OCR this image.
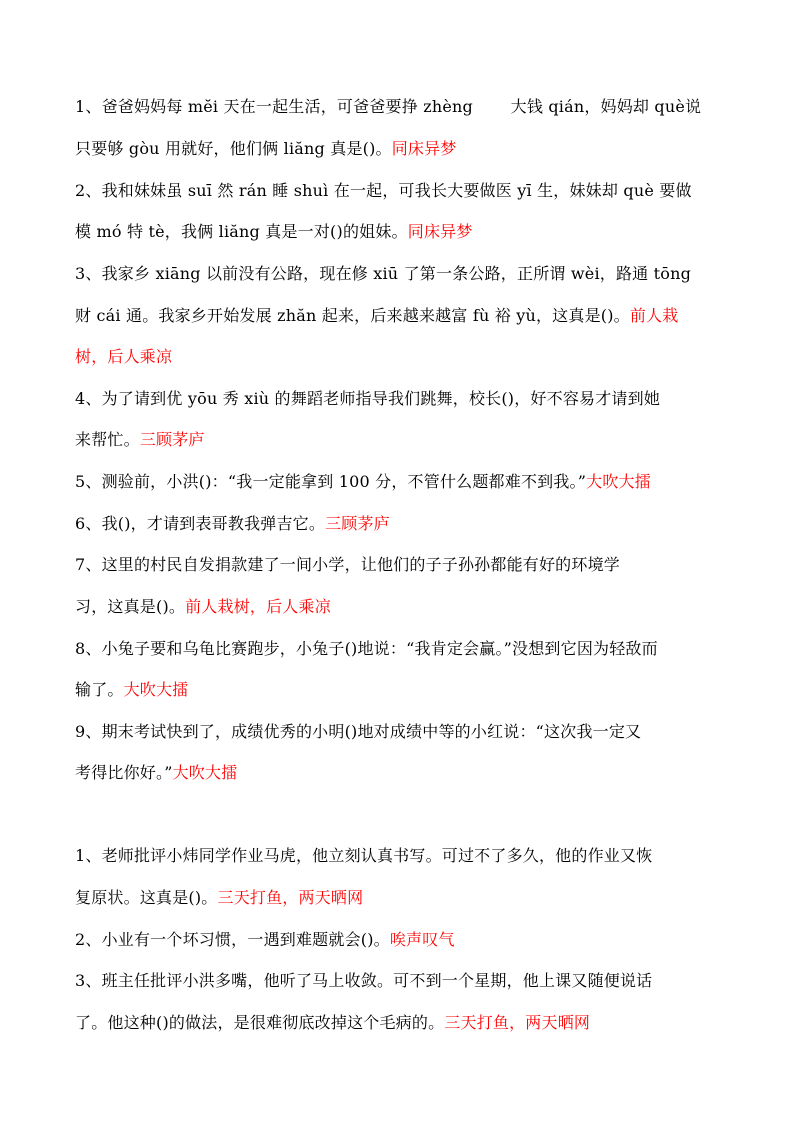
1、爸爸妈妈每 mĕi 天在一起生活，可爸爸要挣 zhèng 　　大钱 qián，妈妈却 què说
只要够 gòu 用就好，他们俩 liăng 真是()。同床异梦
2、我和妹妹虽 suī 然 rán 睡 shuì 在一起，可我长大要做医 yī 生，妹妹却 què 要做
模 mó 特 tè，我俩 liăng 真是一对()的姐妹。同床异梦
3、我家乡 xiāng 以前没有公路，现在修 xiū 了第一条公路，正所谓 wèi，路通 tōng
财 cái 通。我家乡开始发展 zhăn 起来，后来越来越富 fù 裕 yù，这真是()。前人栽
树，后人乘凉
4、为了请到优 yōu 秀 xiù 的舞蹈老师指导我们跳舞，校长()，好不容易才请到她
来帮忙。三顾茅庐
5、测验前，小洪()：“我一定能拿到 100 分，不管什么题都难不到我。”大吹大擂
6、我()，才请到表哥教我弹吉它。三顾茅庐
7、这里的村民自发捐款建了一间小学，让他们的子子孙孙都能有好的环境学
习，这真是()。前人栽树，后人乘凉
8、小兔子要和乌龟比赛跑步，小兔子()地说：“我肯定会赢。”没想到它因为轻敌而
输了。大吹大擂
9、期末考试快到了，成绩优秀的小明()地对成绩中等的小红说：“这次我一定又
考得比你好。”大吹大擂
1、老师批评小炜同学作业马虎，他立刻认真书写。可过不了多久，他的作业又恢
复原状。这真是()。三天打鱼，两天晒网
2、小业有一个坏习惯，一遇到难题就会()。唉声叹气
3、班主任批评小洪多嘴，他听了马上收敛。可不到一个星期，他上课又随便说话
了。他这种()的做法，是很难彻底改掉这个毛病的。三天打鱼，两天晒网
